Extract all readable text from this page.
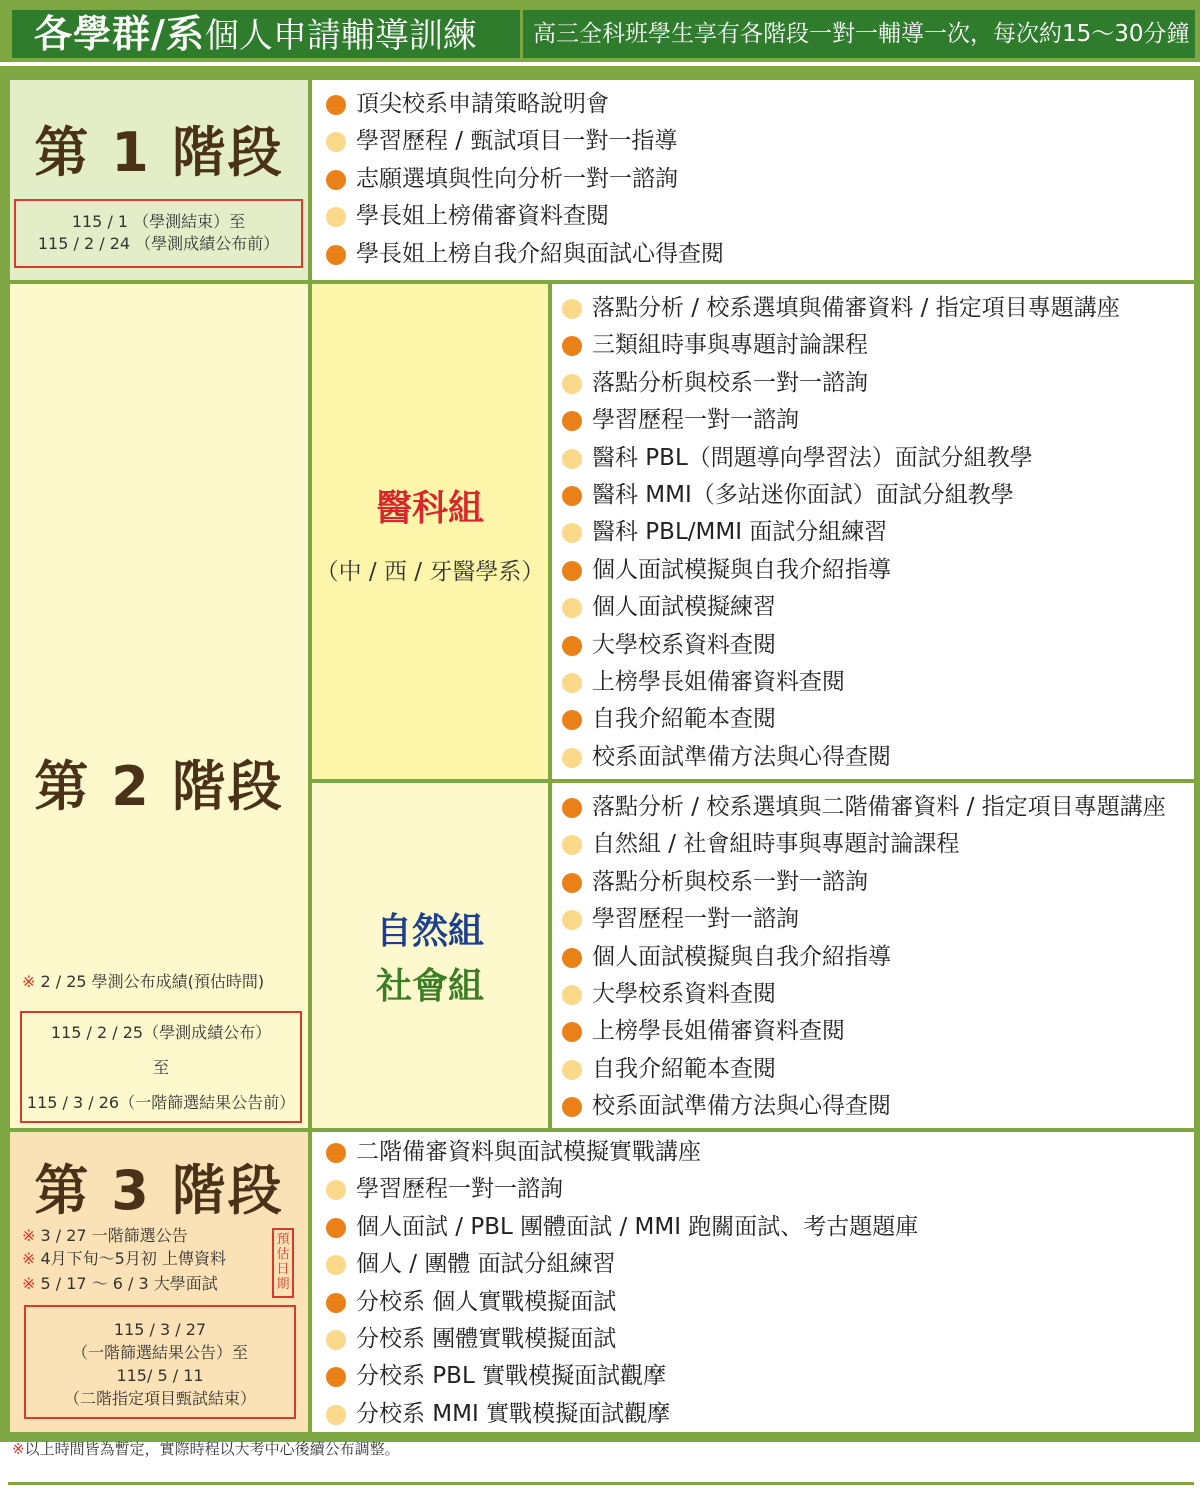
各學群/系 個人申請輔導訓練	高三全科班學生享有各階段一對一輔導一次，每次約15～30分鐘
第 1 階段
115 / 1 （學測結束）至
115 / 2 / 24 （學測成績公布前）
頂尖校系申請策略說明會
學習歷程 / 甄試項目一對一指導
志願選填與性向分析一對一諮詢
學長姐上榜備審資料查閱
學長姐上榜自我介紹與面試心得查閱
第 2 階段
※ 2 / 25 學測公布成績(預估時間)
115 / 2 / 25（學測成績公布）
至
115 / 3 / 26（一階篩選結果公告前）
醫科組
（中 / 西 / 牙醫學系）
落點分析 / 校系選填與備審資料 / 指定項目專題講座
三類組時事與專題討論課程
落點分析與校系一對一諮詢
學習歷程一對一諮詢
醫科 PBL（問題導向學習法）面試分組教學
醫科 MMI（多站迷你面試）面試分組教學
醫科 PBL/MMI 面試分組練習
個人面試模擬與自我介紹指導
個人面試模擬練習
大學校系資料查閱
上榜學長姐備審資料查閱
自我介紹範本查閱
校系面試準備方法與心得查閱
自然組
社會組
落點分析 / 校系選填與二階備審資料 / 指定項目專題講座
自然組 / 社會組時事與專題討論課程
落點分析與校系一對一諮詢
學習歷程一對一諮詢
個人面試模擬與自我介紹指導
大學校系資料查閱
上榜學長姐備審資料查閱
自我介紹範本查閱
校系面試準備方法與心得查閱
第 3 階段
※ 3 / 27 一階篩選公告
※ 4月下旬～5月初 上傳資料
※ 5 / 17 ～ 6 / 3 大學面試
115 / 3 / 27
（一階篩選結果公告）至
115/ 5 / 11
（二階指定項目甄試結束）
預估日期
二階備審資料與面試模擬實戰講座
學習歷程一對一諮詢
個人面試 / PBL 團體面試 / MMI 跑關面試、考古題題庫
個人 / 團體 面試分組練習
分校系 個人實戰模擬面試
分校系 團體實戰模擬面試
分校系 PBL 實戰模擬面試觀摩
分校系 MMI 實戰模擬面試觀摩
※以上時間皆為暫定，實際時程以大考中心後續公布調整。
